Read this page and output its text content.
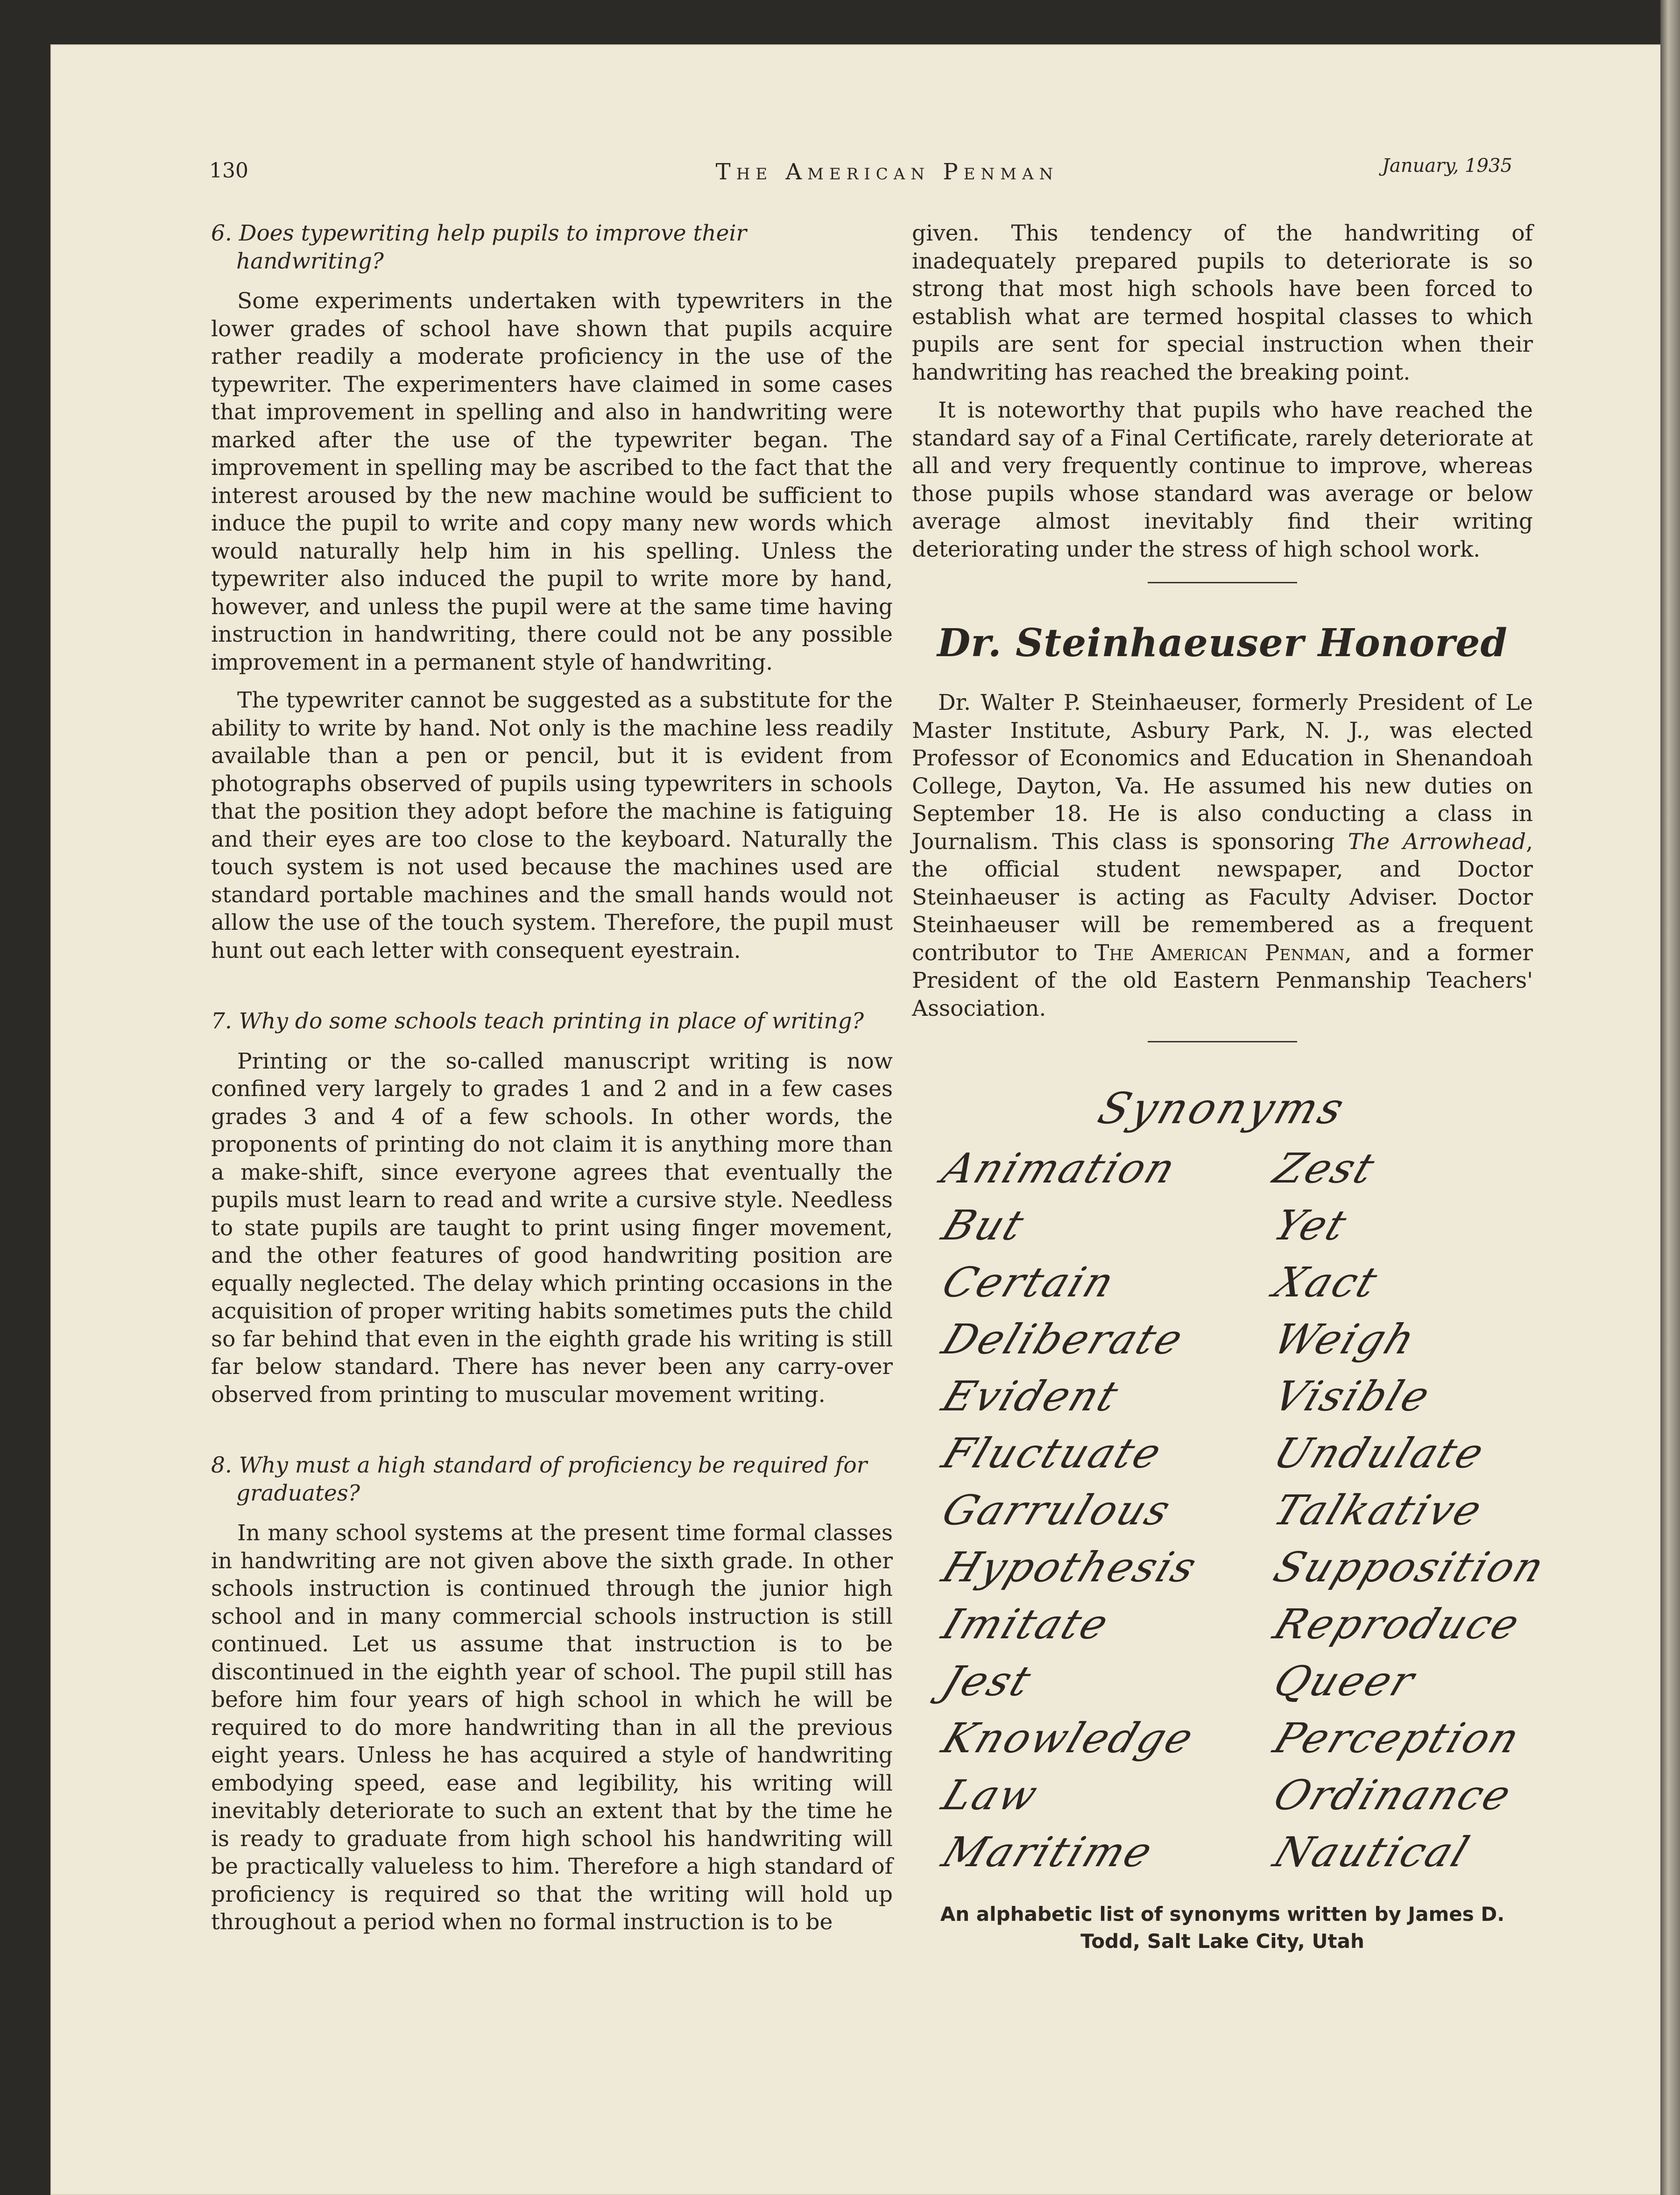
130	The American Penman	January, 1935

6. Does typewriting help pupils to improve their handwriting?

Some experiments undertaken with typewriters in the lower grades of school have shown that pupils acquire rather readily a moderate proficiency in the use of the typewriter. The experimenters have claimed in some cases that improvement in spelling and also in handwriting were marked after the use of the typewriter began. The improvement in spelling may be ascribed to the fact that the interest aroused by the new machine would be sufficient to induce the pupil to write and copy many new words which would naturally help him in his spelling. Unless the typewriter also induced the pupil to write more by hand, however, and unless the pupil were at the same time having instruction in handwriting, there could not be any possible improvement in a permanent style of handwriting.

The typewriter cannot be suggested as a substitute for the ability to write by hand. Not only is the machine less readily available than a pen or pencil, but it is evident from photographs observed of pupils using typewriters in schools that the position they adopt before the machine is fatiguing and their eyes are too close to the keyboard. Naturally the touch system is not used because the machines used are standard portable machines and the small hands would not allow the use of the touch system. Therefore, the pupil must hunt out each letter with consequent eyestrain.

7. Why do some schools teach printing in place of writing?

Printing or the so-called manuscript writing is now confined very largely to grades 1 and 2 and in a few cases grades 3 and 4 of a few schools. In other words, the proponents of printing do not claim it is anything more than a make-shift, since everyone agrees that eventually the pupils must learn to read and write a cursive style. Needless to state pupils are taught to print using finger movement, and the other features of good handwriting position are equally neglected. The delay which printing occasions in the acquisition of proper writing habits sometimes puts the child so far behind that even in the eighth grade his writing is still far below standard. There has never been any carry-over observed from printing to muscular movement writing.

8. Why must a high standard of proficiency be required for graduates?

In many school systems at the present time formal classes in handwriting are not given above the sixth grade. In other schools instruction is continued through the junior high school and in many commercial schools instruction is still continued. Let us assume that instruction is to be discontinued in the eighth year of school. The pupil still has before him four years of high school in which he will be required to do more handwriting than in all the previous eight years. Unless he has acquired a style of handwriting embodying speed, ease and legibility, his writing will inevitably deteriorate to such an extent that by the time he is ready to graduate from high school his handwriting will be practically valueless to him. Therefore a high standard of proficiency is required so that the writing will hold up throughout a period when no formal instruction is to be

given. This tendency of the handwriting of inadequately prepared pupils to deteriorate is so strong that most high schools have been forced to establish what are termed hospital classes to which pupils are sent for special instruction when their handwriting has reached the breaking point.

It is noteworthy that pupils who have reached the standard say of a Final Certificate, rarely deteriorate at all and very frequently continue to improve, whereas those pupils whose standard was average or below average almost inevitably find their writing deteriorating under the stress of high school work.

Dr. Steinhaeuser Honored

Dr. Walter P. Steinhaeuser, formerly President of Le Master Institute, Asbury Park, N. J., was elected Professor of Economics and Education in Shenandoah College, Dayton, Va. He assumed his new duties on September 18. He is also conducting a class in Journalism. This class is sponsoring The Arrowhead, the official student newspaper, and Doctor Steinhaeuser is acting as Faculty Adviser. Doctor Steinhaeuser will be remembered as a frequent contributor to The American Penman, and a former President of the old Eastern Penmanship Teachers' Association.

Synonyms
Animation
But
Certain
Deliberate
Evident
Fluctuate
Garrulous
Hypothesis
Imitate
Jest
Knowledge
Law
Maritime
Zest
Yet
Xact
Weigh
Visible
Undulate
Talkative
Supposition
Reproduce
Queer
Perception
Ordinance
Nautical
An alphabetic list of synonyms written by James D. Todd, Salt Lake City, Utah
